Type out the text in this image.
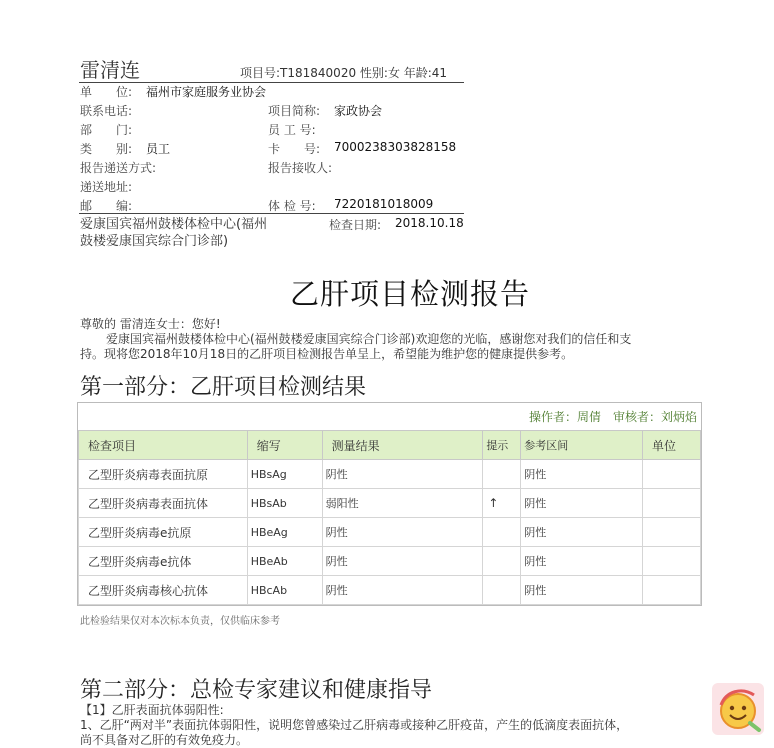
雷清连	项目号:T181840020 性别:女 年龄:41
单　　位: 福州市家庭服务业协会
联系电话:	项目简称: 家政协会
部　　门:	员 工 号:
类　　别: 员工	卡　　号: 7000238303828158
报告递送方式:	报告接收人:
递送地址:
邮　　编:	体 检 号: 7220181018009
爱康国宾福州鼓楼体检中心(福州鼓楼爱康国宾综合门诊部)
检查日期: 2018.10.18
乙肝项目检测报告
尊敬的 雷清连女士：您好!
爱康国宾福州鼓楼体检中心(福州鼓楼爱康国宾综合门诊部)欢迎您的光临，感谢您对我们的信任和支
持。现将您2018年10月18日的乙肝项目检测报告单呈上，希望能为维护您的健康提供参考。
第一部分：乙肝项目检测结果
操作者：周倩　审核者：刘炳焰
检查项目	缩写	测量结果	提示	参考区间	单位
乙型肝炎病毒表面抗原	HBsAg	阴性		阴性	
乙型肝炎病毒表面抗体	HBsAb	弱阳性	↑	阴性	
乙型肝炎病毒e抗原	HBeAg	阴性		阴性	
乙型肝炎病毒e抗体	HBeAb	阴性		阴性	
乙型肝炎病毒核心抗体	HBcAb	阴性		阴性	
此检验结果仅对本次标本负责，仅供临床参考
第二部分：总检专家建议和健康指导
【1】乙肝表面抗体弱阳性:
1、乙肝“两对半”表面抗体弱阳性，说明您曾感染过乙肝病毒或接种乙肝疫苗，产生的低滴度表面抗体，
尚不具备对乙肝的有效免疫力。
